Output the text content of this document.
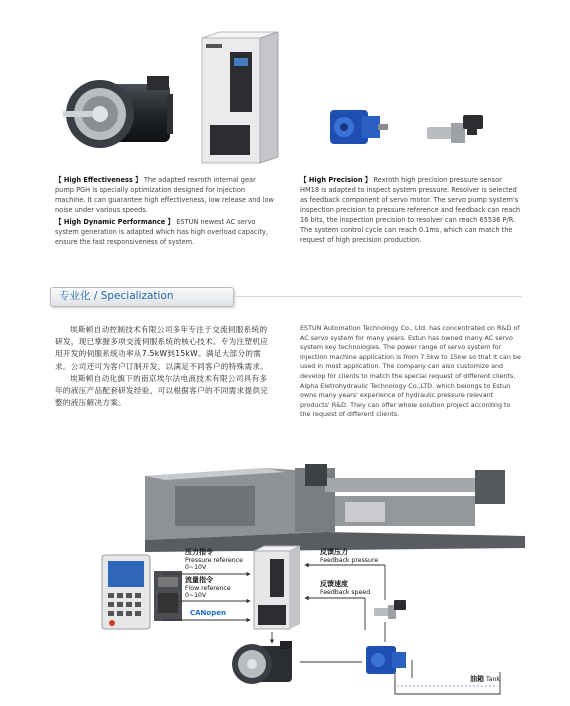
【 High Effectiveness 】 The adapted rexroth internal gear pump PGH is specially optimization designed for injection machine. It can guarantee high effectiveness, low release and low noise under various speeds.
【 High Dynamic Performance 】 ESTUN newest AC servo system generation is adapted which has high overload capacity, ensure the fast responsiveness of system.
【 High Precision 】 Rexroth high precision pressure sensor HM18 is adapted to inspect system pressure. Resolver is selected as feedback component of servo motor. The servo pump system's inspection precision to pressure reference and feedback can reach 16 bits, the inspection precision to resolver can reach 65536 P/R. The system control cycle can reach 0.1ms, which can match the request of high precision production.
专业化 / Specialization
埃斯顿自动控制技术有限公司多年专注于交流伺服系统的研发，现已掌握多项交流伺服系统的核心技术。专为注塑机应用开发的伺服系统功率从7.5kW到15kW。满足大部分的需求。公司还可为客户订制开发，以满足不同客户的特殊需求。
埃斯顿自动化旗下的南京埃尔法电液技术有限公司具有多年的液压产品配套研发经验，可以根据客户的不同需求提供完整的液压解决方案。
ESTUN Automation Technology Co., Ltd. has concentrated on R&D of AC servo system for many years. Estun has owned many AC servo system key technologies. The power range of servo system for injection machine application is from 7.5kw to 15kw so that it can be used in most application. The company can also customize and develop for clients to match the special request of different clients.
Alpha Eletrohydraulic Technology Co.,LTD. which belongs to Estun owns many years' experience of hydraulic pressure relevant products' R&D. They can offer whole solution project according to the request of different clients.
压力指令
Pressure reference
0~10V
流量指令
Flow reference
0~10V
CANopen
反馈压力
Feedback pressure
反馈速度
Feedback speed
油箱 Tank
